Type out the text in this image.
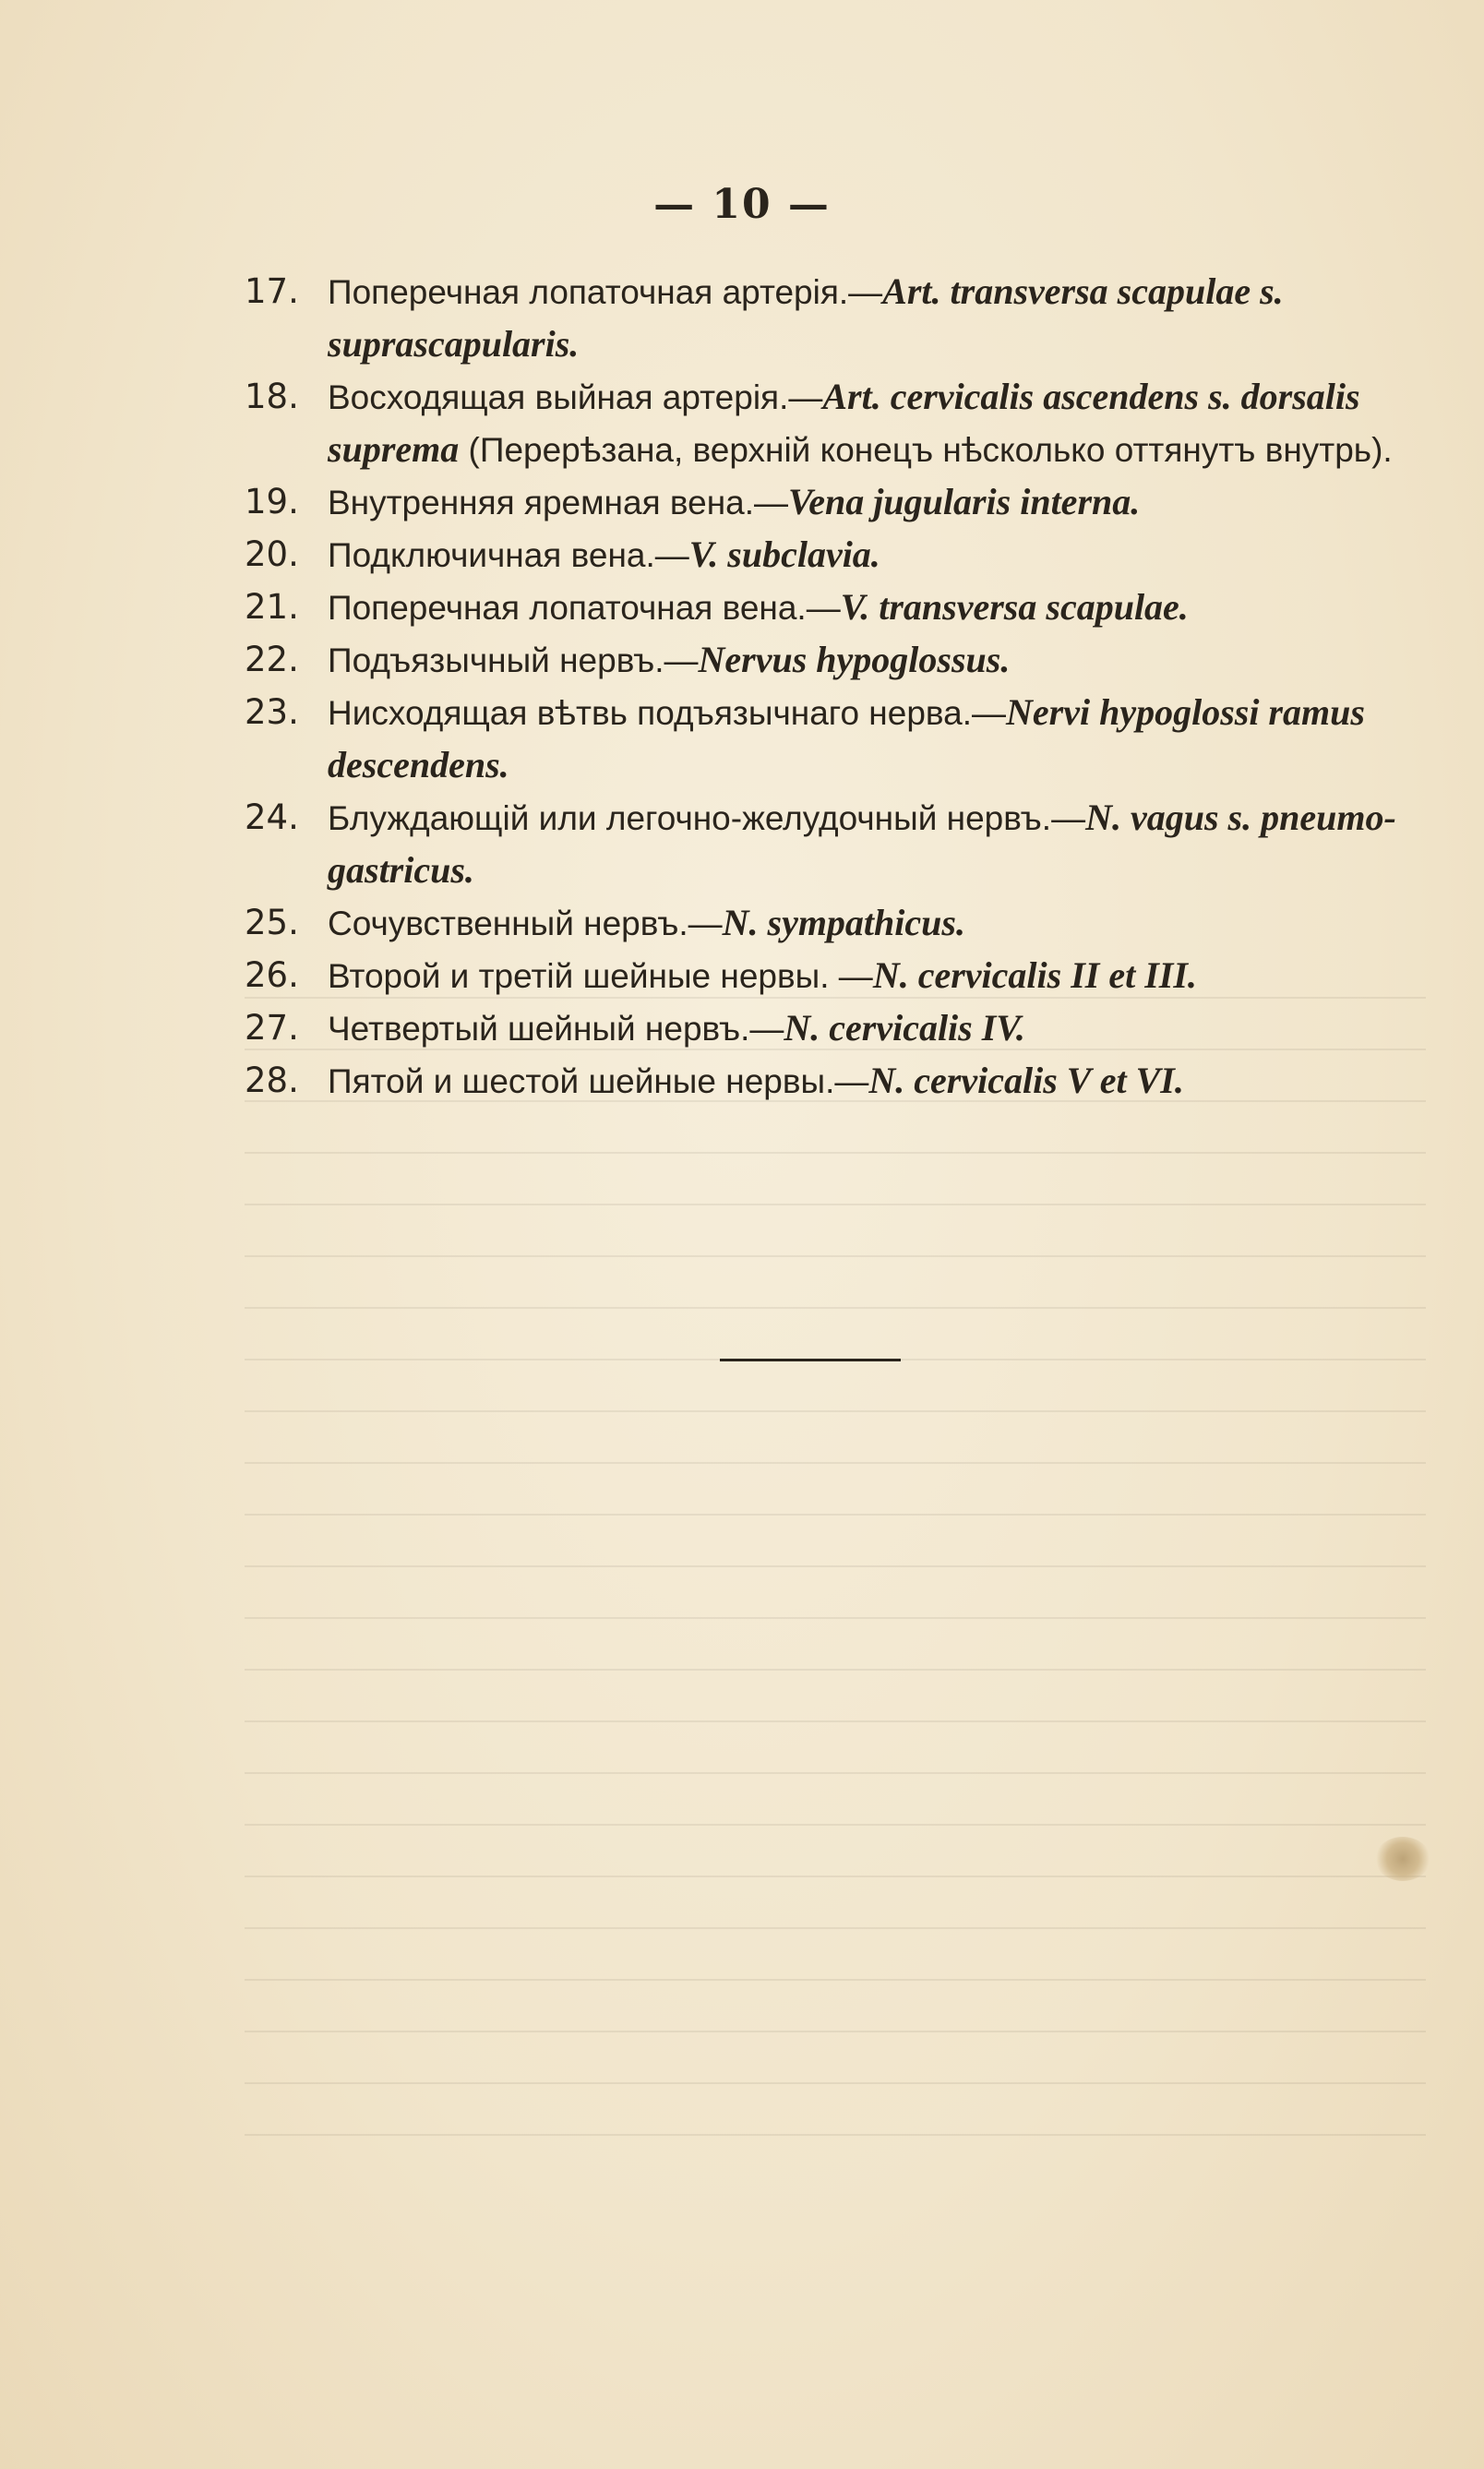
— 10 —
17. Поперечная лопаточная артерія.—Art. transversa scapulae s. suprascapularis.
18. Восходящая выйная артерія.—Art. cervicalis ascendens s. dorsalis suprema (Перерѣзана, верхній конецъ нѣсколько оттянутъ внутрь).
19. Внутренняя яремная вена.—Vena jugularis interna.
20. Подключичная вена.—V. subclavia.
21. Поперечная лопаточная вена.—V. transversa scapulae.
22. Подъязычный нервъ.—Nervus hypoglossus.
23. Нисходящая вѣтвь подъязычнаго нерва.—Nervi hypoglossi ramus descendens.
24. Блуждающій или легочно-желудочный нервъ.—N. vagus s. pneumo-gastricus.
25. Сочувственный нервъ.—N. sympathicus.
26. Второй и третій шейные нервы. —N. cervicalis II et III.
27. Четвертый шейный нервъ.—N. cervicalis IV.
28. Пятой и шестой шейные нервы.—N. cervicalis V et VI.
